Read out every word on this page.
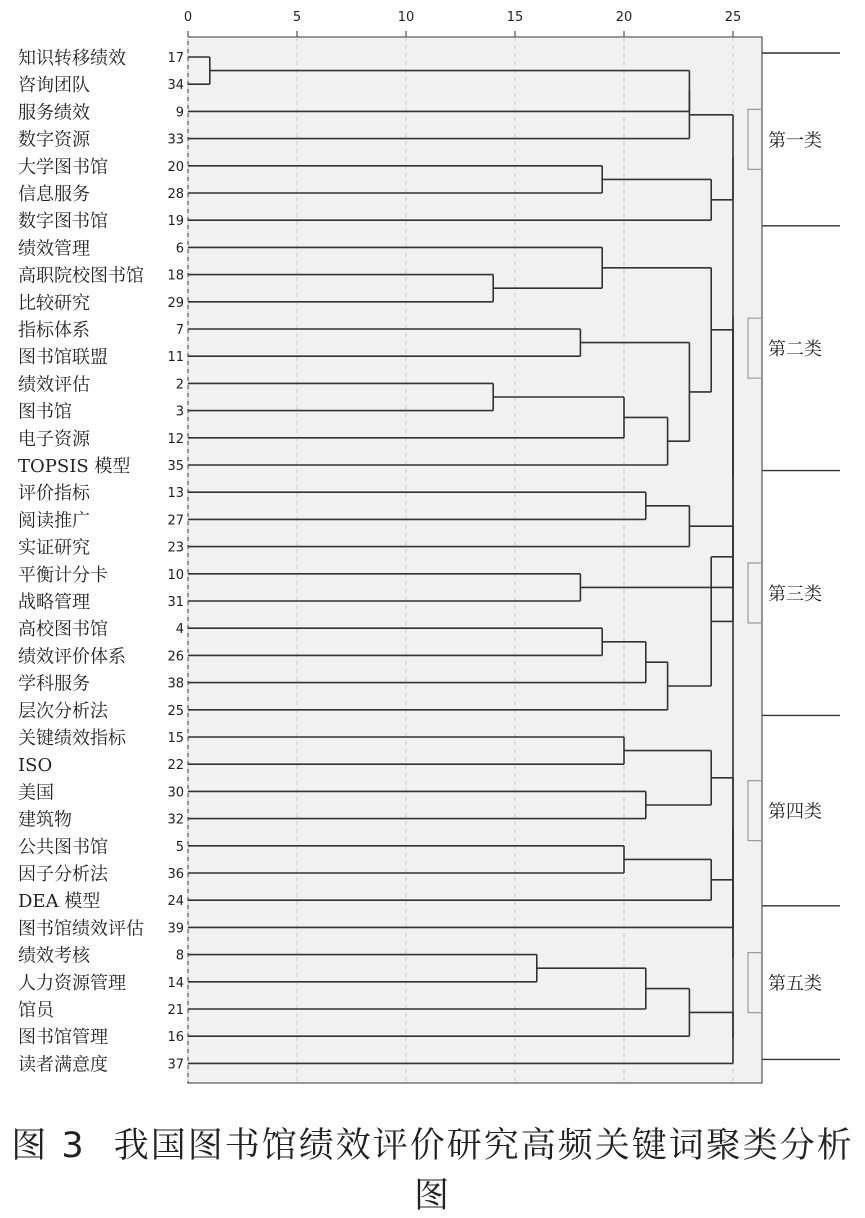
0	5	10	15	20	25
知识转移绩效	17
咨询团队	34
服务绩效	9
数字资源	33
大学图书馆	20
信息服务	28
数字图书馆	19
绩效管理	6
高职院校图书馆 18
比较研究	29
指标体系	7
图书馆联盟	11
绩效评估	2
图书馆	3
电子资源	12
TOPSIS 模型	35
评价指标	13
阅读推广	27
实证研究	23
平衡计分卡	10
战略管理	31
高校图书馆	4
绩效评价体系	26
学科服务	38
层次分析法	25
关键绩效指标	15
ISO	22
美国	30
建筑物	32
公共图书馆	5
因子分析法	36
DEA 模型	24
图书馆绩效评估 39
绩效考核	8
人力资源管理	14
馆员	21
图书馆管理	16
读者满意度	37
第一类
第二类
第三类
第四类
第五类
图 3 我国图书馆绩效评价研究高频关键词聚类分析图
